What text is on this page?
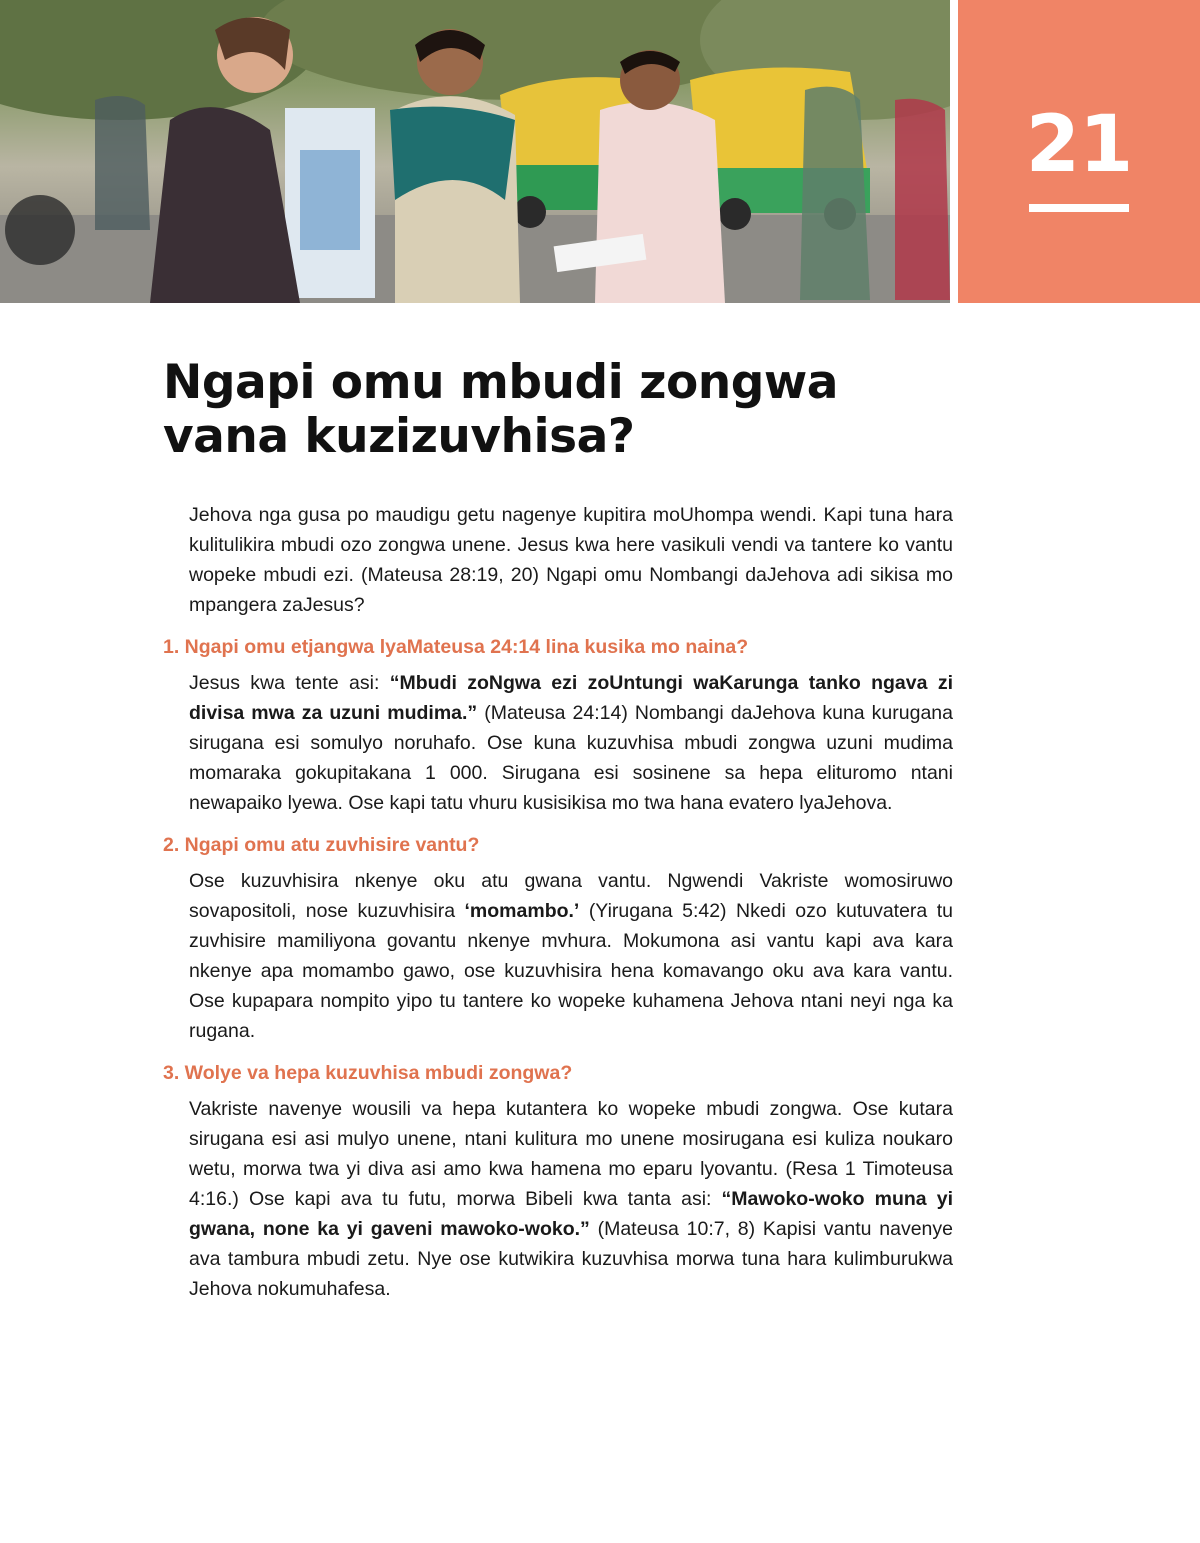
21
Ngapi omu mbudi zongwa
vana kuzizuvhisa?

Jehova nga gusa po maudigu getu nagenye kupitira moUhompa wendi. Kapi tuna hara kulitulikira mbudi ozo zongwa unene. Jesus kwa here vasikuli vendi va tantere ko vantu wopeke mbudi ezi. (Mateusa 28:19, 20) Ngapi omu Nombangi daJehova adi sikisa mo mpangera zaJesus?

1. Ngapi omu etjangwa lyaMateusa 24:14 lina kusika mo naina?

Jesus kwa tente asi: “Mbudi zoNgwa ezi zoUntungi waKarunga tanko ngava zi divisa mwa za uzuni mudima.” (Mateusa 24:14) Nombangi daJehova kuna kurugana sirugana esi somulyo noruhafo. Ose kuna kuzuvhisa mbudi zongwa uzuni mudima momaraka gokupitakana 1 000. Sirugana esi sosinene sa hepa elituromo ntani newapaiko lyewa. Ose kapi tatu vhuru kusisikisa mo twa hana evatero lyaJehova.

2. Ngapi omu atu zuvhisire vantu?

Ose kuzuvhisira nkenye oku atu gwana vantu. Ngwendi Vakriste womosiruwo sovapositoli, nose kuzuvhisira ‘momambo.’ (Yirugana 5:42) Nkedi ozo kutuvatera tu zuvhisire mamiliyona govantu nkenye mvhura. Mokumona asi vantu kapi ava kara nkenye apa momambo gawo, ose kuzuvhisira hena komavango oku ava kara vantu. Ose kupapara nompito yipo tu tantere ko wopeke kuhamena Jehova ntani neyi nga ka rugana.

3. Wolye va hepa kuzuvhisa mbudi zongwa?

Vakriste navenye wousili va hepa kutantera ko wopeke mbudi zongwa. Ose kutara sirugana esi asi mulyo unene, ntani kulitura mo unene mosirugana esi kuliza noukaro wetu, morwa twa yi diva asi amo kwa hamena mo eparu lyovantu. (Resa 1 Timoteusa 4:16.) Ose kapi ava tu futu, morwa Bibeli kwa tanta asi: “Mawoko-woko muna yi gwana, none ka yi gaveni mawoko-woko.” (Mateusa 10:7, 8) Kapisi vantu navenye ava tambura mbudi zetu. Nye ose kutwikira kuzuvhisa morwa tuna hara kulimburukwa Jehova nokumuhafesa.
